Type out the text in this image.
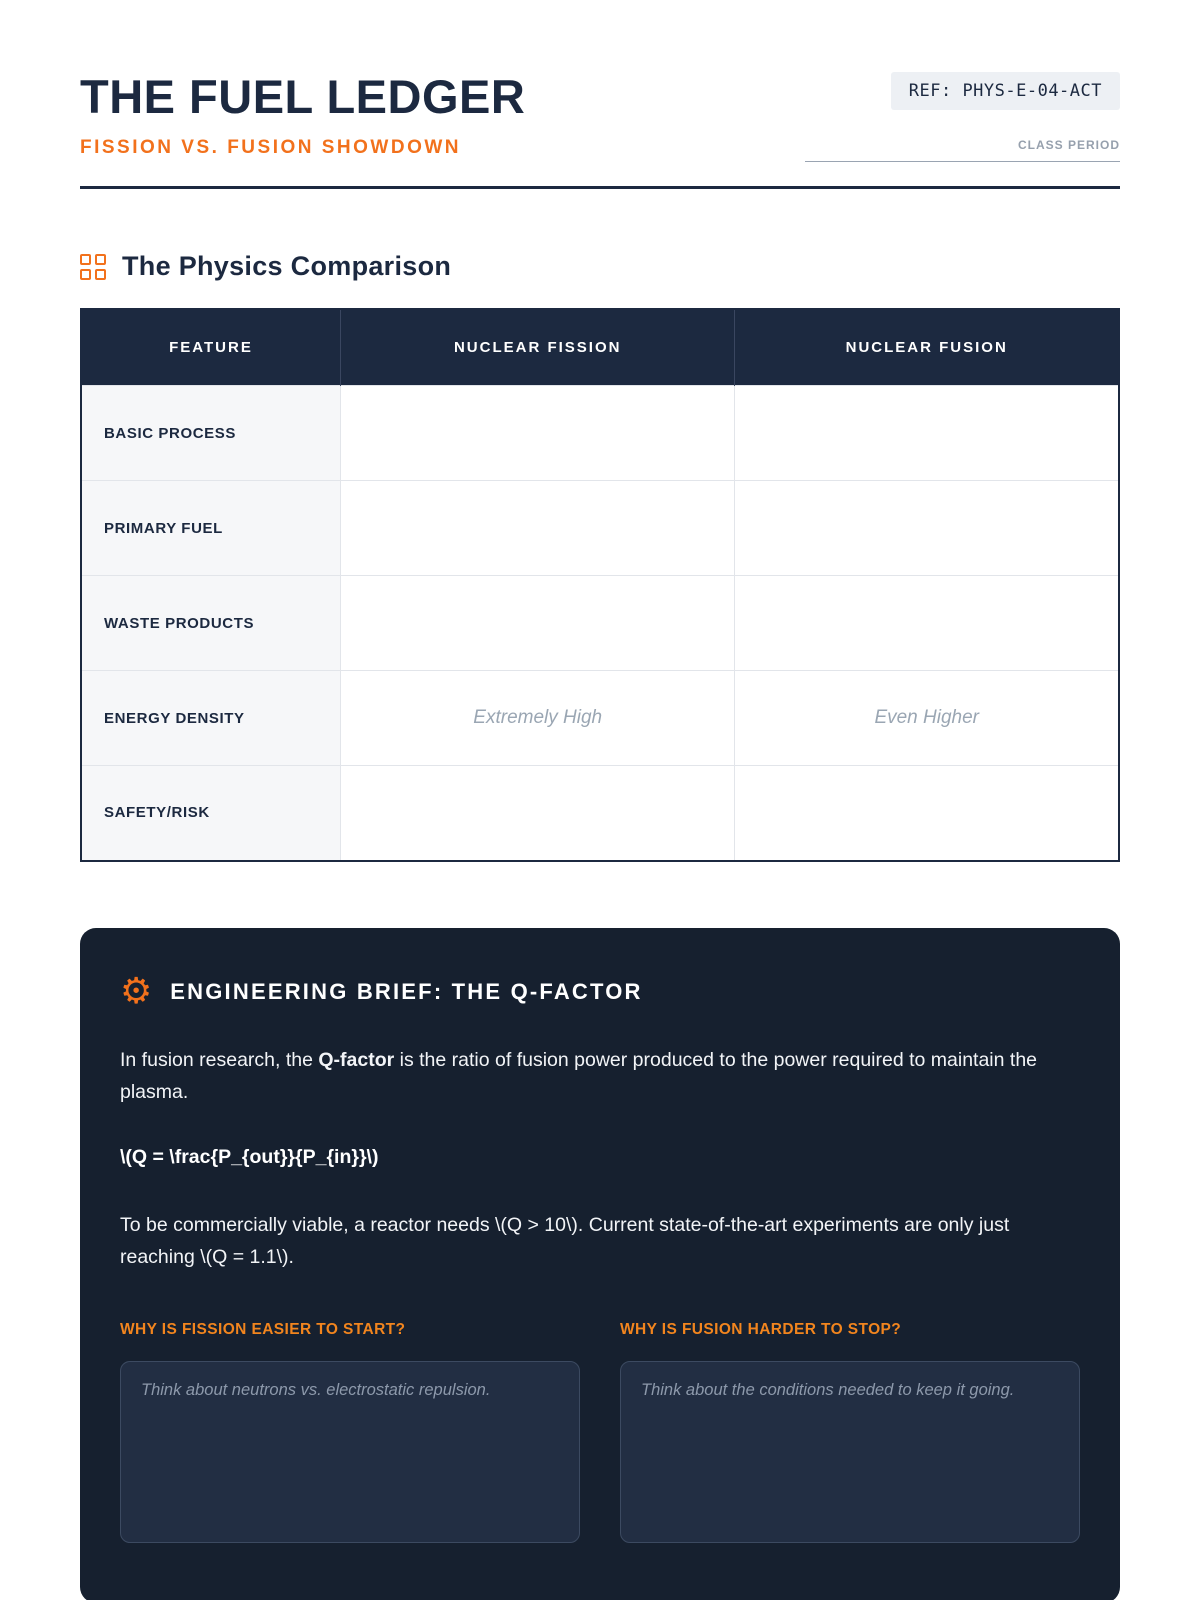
THE FUEL LEDGER
FISSION VS. FUSION SHOWDOWN
REF: PHYS-E-04-ACT
CLASS PERIOD
The Physics Comparison
FEATURE	NUCLEAR FISSION	NUCLEAR FUSION
BASIC PROCESS		
PRIMARY FUEL		
WASTE PRODUCTS		
ENERGY DENSITY	Extremely High	Even Higher
SAFETY/RISK		
⚙ ENGINEERING BRIEF: THE Q-FACTOR

In fusion research, the Q-factor is the ratio of fusion power produced to the power required to maintain the plasma.

\(Q = \frac{P_{out}}{P_{in}}\)

To be commercially viable, a reactor needs \(Q > 10\). Current state-of-the-art experiments are only just reaching \(Q = 1.1\).

WHY IS FISSION EASIER TO START?
Think about neutrons vs. electrostatic repulsion.	WHY IS FUSION HARDER TO STOP?
Think about the conditions needed to keep it going.
